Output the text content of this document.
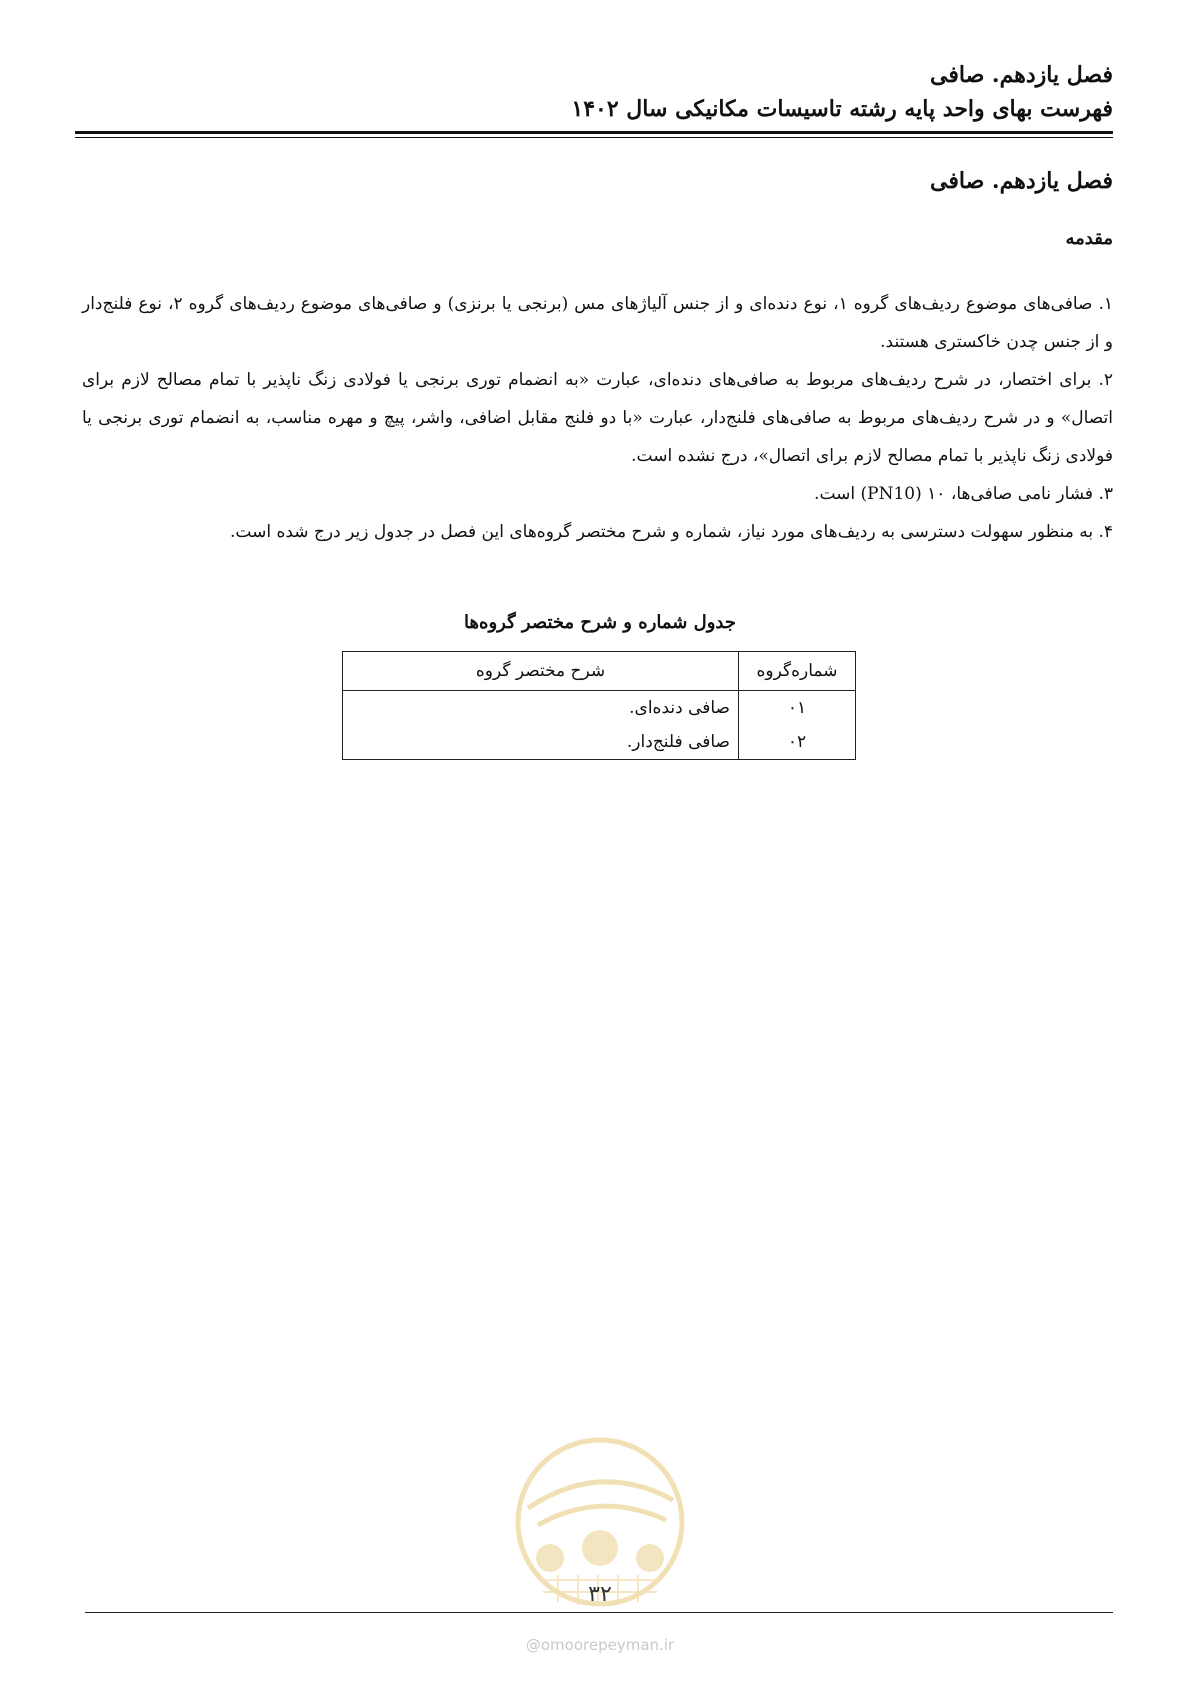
فصل یازدهم. صافی
فهرست بهای واحد پایه رشته تاسیسات مکانیکی سال ۱۴۰۲
فصل یازدهم. صافی
مقدمه

۱. صافی‌های موضوع ردیف‌های گروه ۱، نوع دنده‌ای و از جنس آلیاژهای مس (برنجی یا برنزی) و صافی‌های موضوع ردیف‌های گروه ۲، نوع فلنج‌دار و از جنس چدن خاکستری هستند.

۲. برای اختصار، در شرح ردیف‌های مربوط به صافی‌های دنده‌ای، عبارت «به انضمام توری برنجی یا فولادی زنگ ناپذیر با تمام مصالح لازم برای اتصال» و در شرح ردیف‌های مربوط به صافی‌های فلنج‌دار، عبارت «با دو فلنج مقابل اضافی، واشر، پیچ و مهره مناسب، به انضمام توری برنجی یا فولادی زنگ ناپذیر با تمام مصالح لازم برای اتصال»، درج نشده است.

۳. فشار نامی صافی‌ها، ۱۰ (PN10) است.

۴. به منظور سهولت دسترسی به ردیف‌های مورد نیاز، شماره و شرح مختصر گروه‌های این فصل در جدول زیر درج شده است.

جدول شماره و شرح مختصر گروه‌ها
شماره‌گروه	شرح مختصر گروه
۰۱	صافی دنده‌ای.
۰۲	صافی فلنج‌دار.
۳۲
@omoorepeyman.ir
